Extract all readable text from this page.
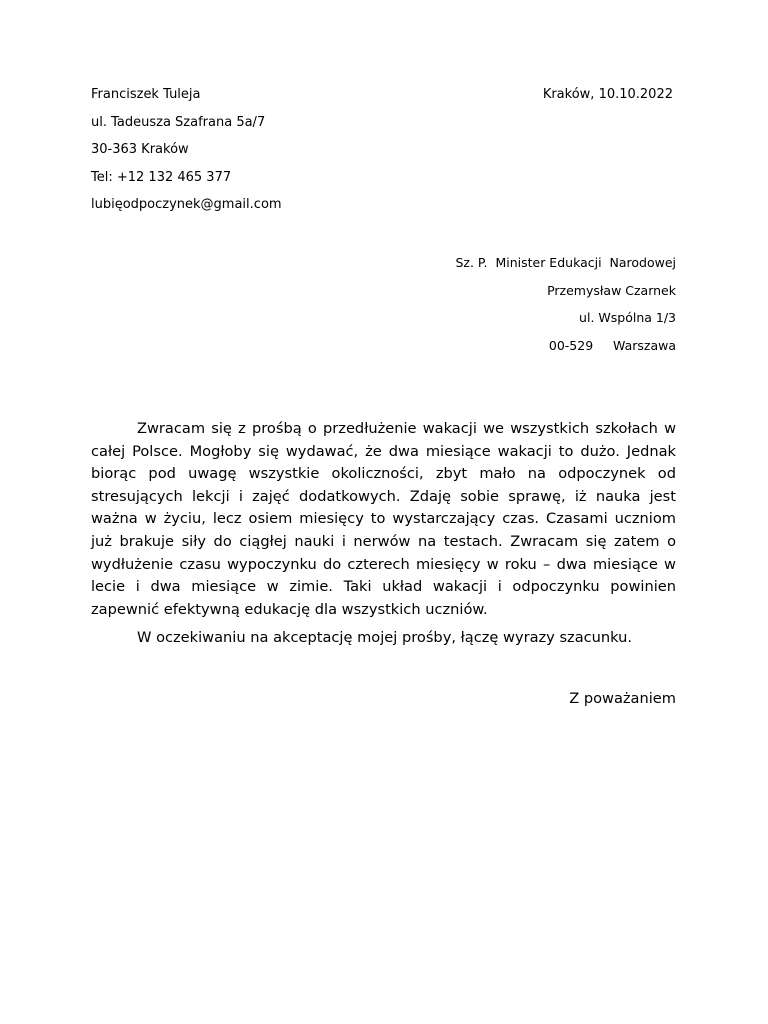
Franciszek Tuleja
ul. Tadeusza Szafrana 5a/7
30-363 Kraków
Tel: +12 132 465 377
lubięodpoczynek@gmail.com
Kraków, 10.10.2022
Sz. P.  Minister Edukacji  Narodowej
Przemysław Czarnek
ul. Wspólna 1/3
00-529     Warszawa

Zwracam się z prośbą o przedłużenie wakacji we wszystkich szkołach w całej Polsce. Mogłoby się wydawać, że dwa miesiące wakacji to dużo. Jednak biorąc pod uwagę wszystkie okoliczności, zbyt mało na odpoczynek od stresujących lekcji i zajęć dodatkowych. Zdaję sobie sprawę, iż nauka jest ważna w życiu, lecz osiem miesięcy to wystarczający czas. Czasami uczniom już brakuje siły do ciągłej nauki i nerwów na testach. Zwracam się zatem o wydłużenie czasu wypoczynku do czterech miesięcy w roku – dwa miesiące w lecie i dwa miesiące w zimie. Taki układ wakacji i odpoczynku powinien zapewnić efektywną edukację dla wszystkich uczniów.

W oczekiwaniu na akceptację mojej prośby, łączę wyrazy szacunku.

Z poważaniem
